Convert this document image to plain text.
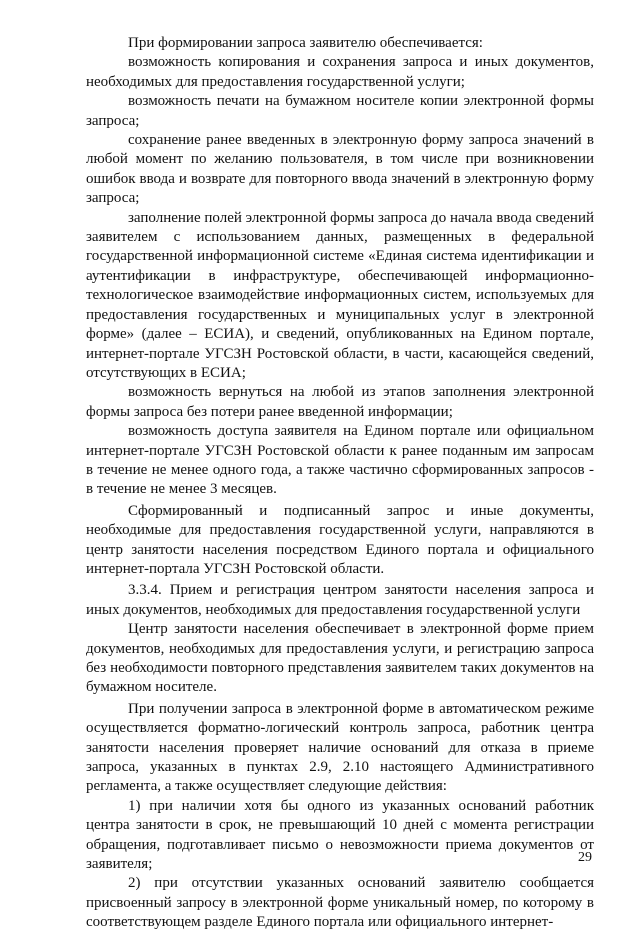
При формировании запроса заявителю обеспечивается:

возможность копирования и сохранения запроса и иных документов, необходимых для предоставления государственной услуги;

возможность печати на бумажном носителе копии электронной формы запроса;

сохранение ранее введенных в электронную форму запроса значений в любой момент по желанию пользователя, в том числе при возникновении ошибок ввода и возврате для повторного ввода значений в электронную форму запроса;

заполнение полей электронной формы запроса до начала ввода сведений заявителем с использованием данных, размещенных в федеральной государственной информационной системе «Единая система идентификации и аутентификации в инфраструктуре, обеспечивающей информационно-технологическое взаимодействие информационных систем, используемых для предоставления государственных и муниципальных услуг в электронной форме» (далее – ЕСИА), и сведений, опубликованных на Едином портале, интернет-портале УГСЗН Ростовской области, в части, касающейся сведений, отсутствующих в ЕСИА;

возможность вернуться на любой из этапов заполнения электронной формы запроса без потери ранее введенной информации;

возможность доступа заявителя на Едином портале или официальном интернет-портале УГСЗН Ростовской области к ранее поданным им запросам в течение не менее одного года, а также частично сформированных запросов - в течение не менее 3 месяцев.

Сформированный и подписанный запрос и иные документы, необходимые для предоставления государственной услуги, направляются в центр занятости населения посредством Единого портала и официального интернет-портала УГСЗН Ростовской области.

3.3.4. Прием и регистрация центром занятости населения запроса и иных документов, необходимых для предоставления государственной услуги

Центр занятости населения обеспечивает в электронной форме прием документов, необходимых для предоставления услуги, и регистрацию запроса без необходимости повторного представления заявителем таких документов на бумажном носителе.

При получении запроса в электронной форме в автоматическом режиме осуществляется форматно-логический контроль запроса, работник центра занятости населения проверяет наличие оснований для отказа в приеме запроса, указанных в пунктах 2.9, 2.10 настоящего Административного регламента, а также осуществляет следующие действия:

1) при наличии хотя бы одного из указанных оснований работник центра занятости в срок, не превышающий 10 дней с момента регистрации обращения, подготавливает письмо о невозможности приема документов от заявителя;

2) при отсутствии указанных оснований заявителю сообщается присвоенный запросу в электронной форме уникальный номер, по которому в соответствующем разделе Единого портала или официального интернет-

29
